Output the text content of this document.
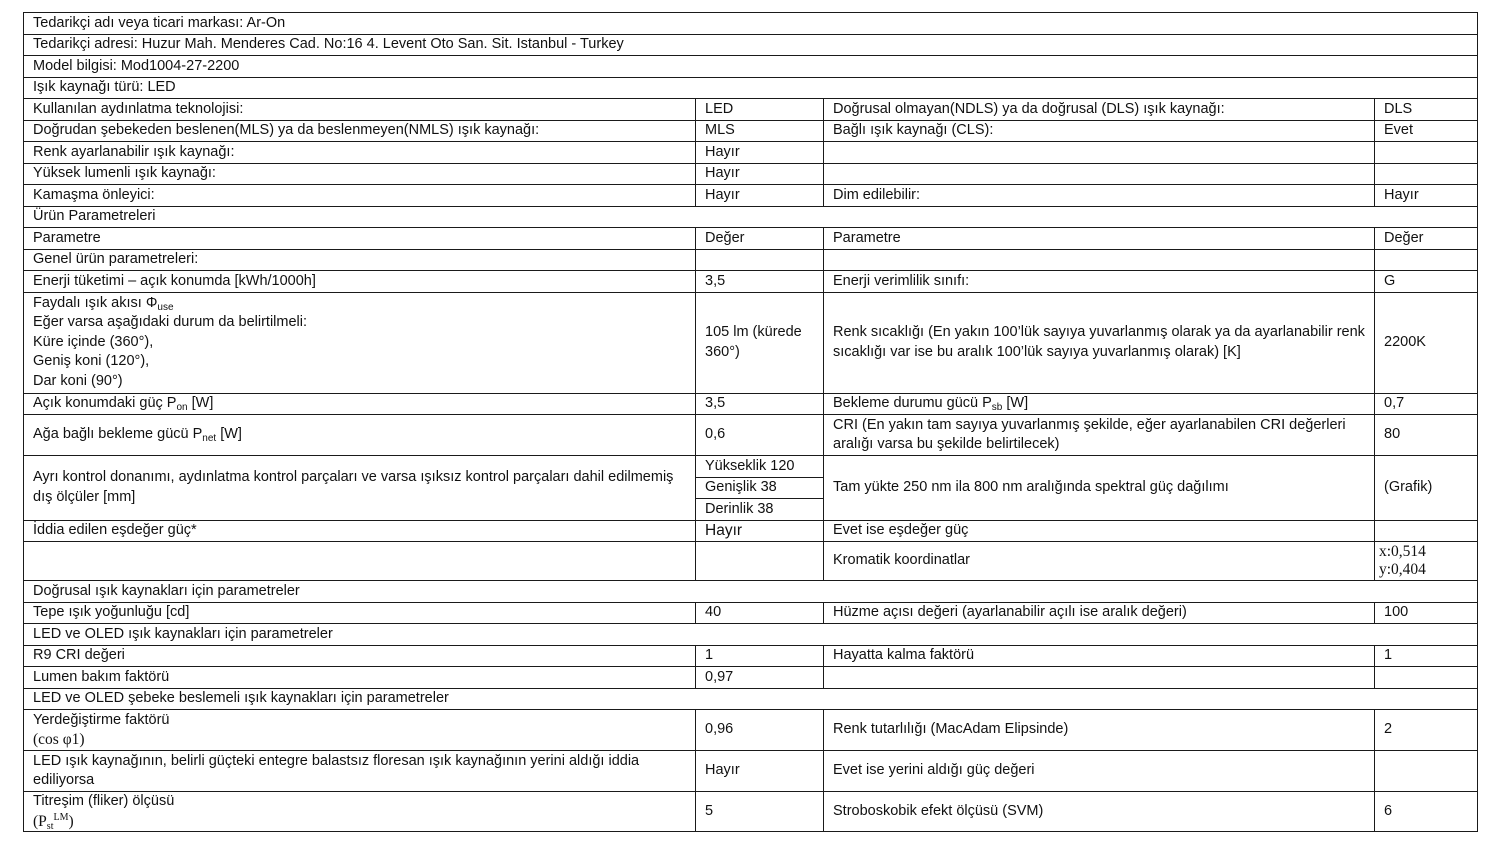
Tedarikçi adı veya ticari markası: Ar-On			
Tedarikçi adresi: Huzur Mah. Menderes Cad. No:16 4. Levent Oto San. Sit. Istanbul - Turkey			
Model bilgisi: Mod1004-27-2200			
Işık kaynağı türü: LED			
Kullanılan aydınlatma teknolojisi:	LED	Doğrusal olmayan(NDLS) ya da doğrusal (DLS) ışık kaynağı:	DLS
Doğrudan şebekeden beslenen(MLS) ya da beslenmeyen(NMLS) ışık kaynağı:	MLS	Bağlı ışık kaynağı (CLS):	Evet
Renk ayarlanabilir ışık kaynağı:	Hayır		
Yüksek lumenli ışık kaynağı:	Hayır		
Kamaşma önleyici:	Hayır	Dim edilebilir:	Hayır
Ürün Parametreleri			
Parametre	Değer	Parametre	Değer
Genel ürün parametreleri:			
Enerji tüketimi – açık konumda [kWh/1000h]	3,5	Enerji verimlilik sınıfı:	G

Faydalı ışık akısı $\Phi_{use}$
Eğer varsa aşağıdaki durum da belirtilmeli:
Küre içinde (360°),
Geniş koni (120°),
Dar koni (90°)	105 lm (kürede 360°)	Renk sıcaklığı (En yakın 100’lük sayıya yuvarlanmış olarak ya da ayarlanabilir renk sıcaklığı var ise bu aralık 100’lük sayıya yuvarlanmış olarak) [K]	2200K
Açık konumdaki güç $P_{on}$ [W]	3,5	Bekleme durumu gücü $P_{sb}$ [W]	0,7
Ağa bağlı bekleme gücü $P_{net}$ [W]	0,6	CRI (En yakın tam sayıya yuvarlanmış şekilde, eğer ayarlanabilen CRI değerleri aralığı varsa bu şekilde belirtilecek)	80
Ayrı kontrol donanımı, aydınlatma kontrol parçaları ve varsa ışıksız kontrol parçaları dahil edilmemiş dış ölçüler [mm]	Yükseklik 120	Tam yükte 250 nm ila 800 nm aralığında spektral güç dağılımı	(Grafik)
	Genişlik 38		
	Derinlik 38		
İddia edilen eşdeğer güç*	Hayır	Evet ise eşdeğer güç	
		Kromatik koordinatlar	x:0,514
y:0,404

Doğrusal ışık kaynakları için parametreler			
Tepe ışık yoğunluğu [cd]	40	Hüzme açısı değeri (ayarlanabilir açılı ise aralık değeri)	100
LED ve OLED ışık kaynakları için parametreler			
R9 CRI değeri	1	Hayatta kalma faktörü	1
Lumen bakım faktörü	0,97		
LED ve OLED şebeke beslemeli ışık kaynakları için parametreler			

Yerdeğiştirme faktörü
(cos φ1)	0,96	Renk tutarlılığı (MacAdam Elipsinde)	2
LED ışık kaynağının, belirli güçteki entegre balastsız floresan ışık kaynağının yerini aldığı iddia ediliyorsa	Hayır	Evet ise yerini aldığı güç değeri	

Titreşim (fliker) ölçüsü
$(P_{st}^{LM})$	5	Stroboskobik efekt ölçüsü (SVM)	6
